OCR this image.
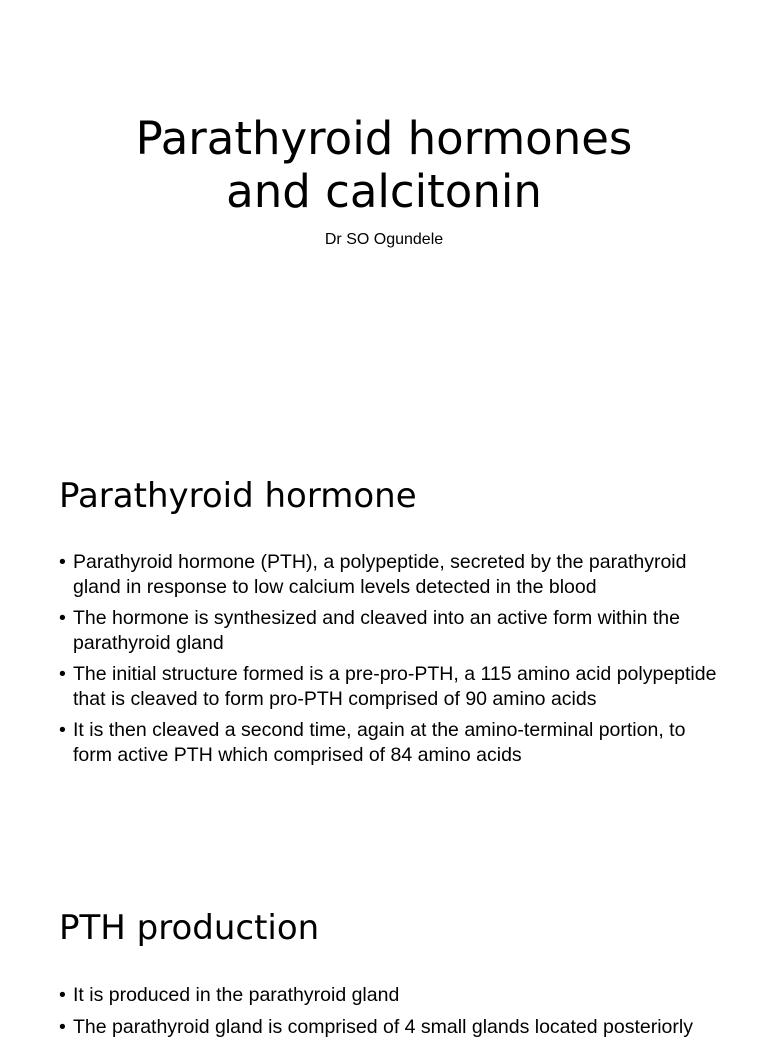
Parathyroid hormones
and calcitonin

Dr SO Ogundele

Parathyroid hormone
• Parathyroid hormone (PTH), a polypeptide, secreted by the parathyroid gland in response to low calcium levels detected in the blood
• The hormone is synthesized and cleaved into an active form within the parathyroid gland
• The initial structure formed is a pre-pro-PTH, a 115 amino acid polypeptide that is cleaved to form pro-PTH comprised of 90 amino acids
• It is then cleaved a second time, again at the amino-terminal portion, to form active PTH which comprised of 84 amino acids
PTH production
• It is produced in the parathyroid gland
• The parathyroid gland is comprised of 4 small glands located posteriorly
